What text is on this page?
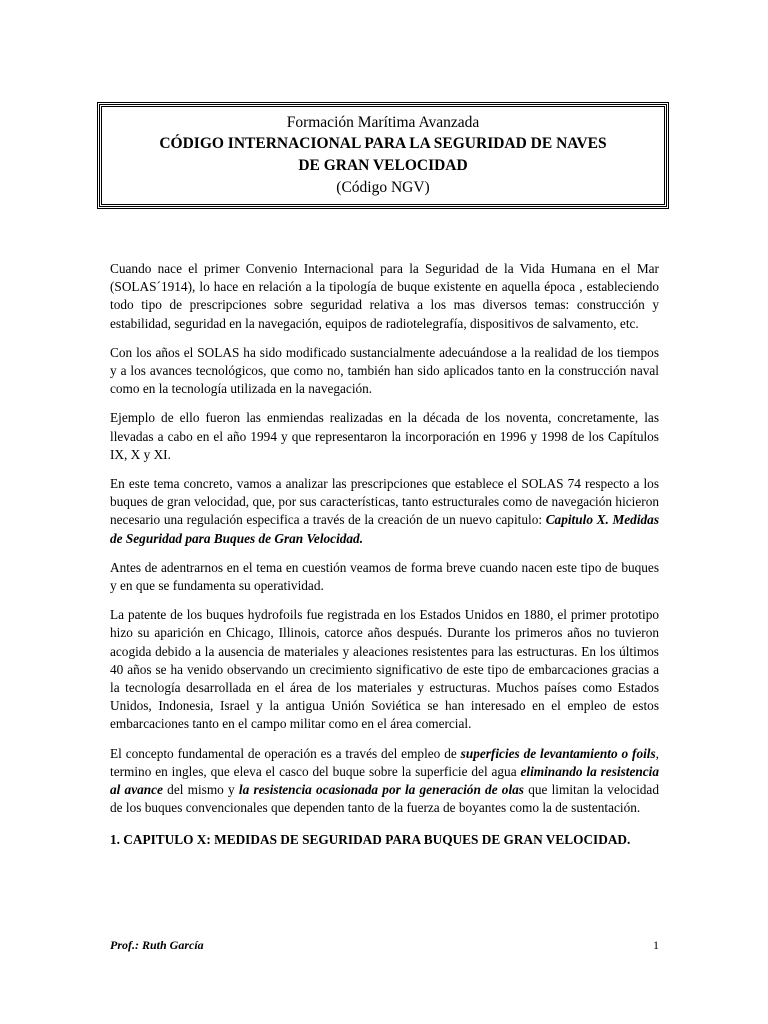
Formación Marítima Avanzada
CÓDIGO INTERNACIONAL PARA LA SEGURIDAD DE NAVES
DE GRAN VELOCIDAD
(Código NGV)

Cuando nace el primer Convenio Internacional para la Seguridad de la Vida Humana en el Mar (SOLAS´1914), lo hace en relación a la tipología de buque existente en aquella época , estableciendo todo tipo de prescripciones sobre seguridad relativa a los mas diversos temas: construcción y estabilidad, seguridad en la navegación, equipos de radiotelegrafía, dispositivos de salvamento, etc.

Con los años el SOLAS ha sido modificado sustancialmente adecuándose a la realidad de los tiempos y a los avances tecnológicos, que como no, también han sido aplicados tanto en la construcción naval como en la tecnología utilizada en la navegación.

Ejemplo de ello fueron las enmiendas realizadas en la década de los noventa, concretamente, las llevadas a cabo en el año 1994 y que representaron la incorporación en 1996 y 1998 de los Capítulos IX, X y XI.

En este tema concreto, vamos a analizar las prescripciones que establece el SOLAS 74 respecto a los buques de gran velocidad, que, por sus características, tanto estructurales como de navegación hicieron necesario una regulación especifica a través de la creación de un nuevo capitulo: Capitulo X. Medidas de Seguridad para Buques de Gran Velocidad.

Antes de adentrarnos en el tema en cuestión veamos de forma breve cuando nacen este tipo de buques y en que se fundamenta su operatividad.

La patente de los buques hydrofoils fue registrada en los Estados Unidos en 1880, el primer prototipo hizo su aparición en Chicago, Illinois, catorce años después. Durante los primeros años no tuvieron acogida debido a la ausencia de materiales y aleaciones resistentes para las estructuras. En los últimos 40 años se ha venido observando un crecimiento significativo de este tipo de embarcaciones gracias a la tecnología desarrollada en el área de los materiales y estructuras. Muchos países como Estados Unidos, Indonesia, Israel y la antigua Unión Soviética se han interesado en el empleo de estos embarcaciones tanto en el campo militar como en el área comercial.

El concepto fundamental de operación es a través del empleo de superficies de levantamiento o foils, termino en ingles, que eleva el casco del buque sobre la superficie del agua eliminando la resistencia al avance del mismo y la resistencia ocasionada por la generación de olas que limitan la velocidad de los buques convencionales que dependen tanto de la fuerza de boyantes como la de sustentación.

1. CAPITULO X: MEDIDAS DE SEGURIDAD PARA BUQUES DE GRAN VELOCIDAD.

Prof.: Ruth García	1
